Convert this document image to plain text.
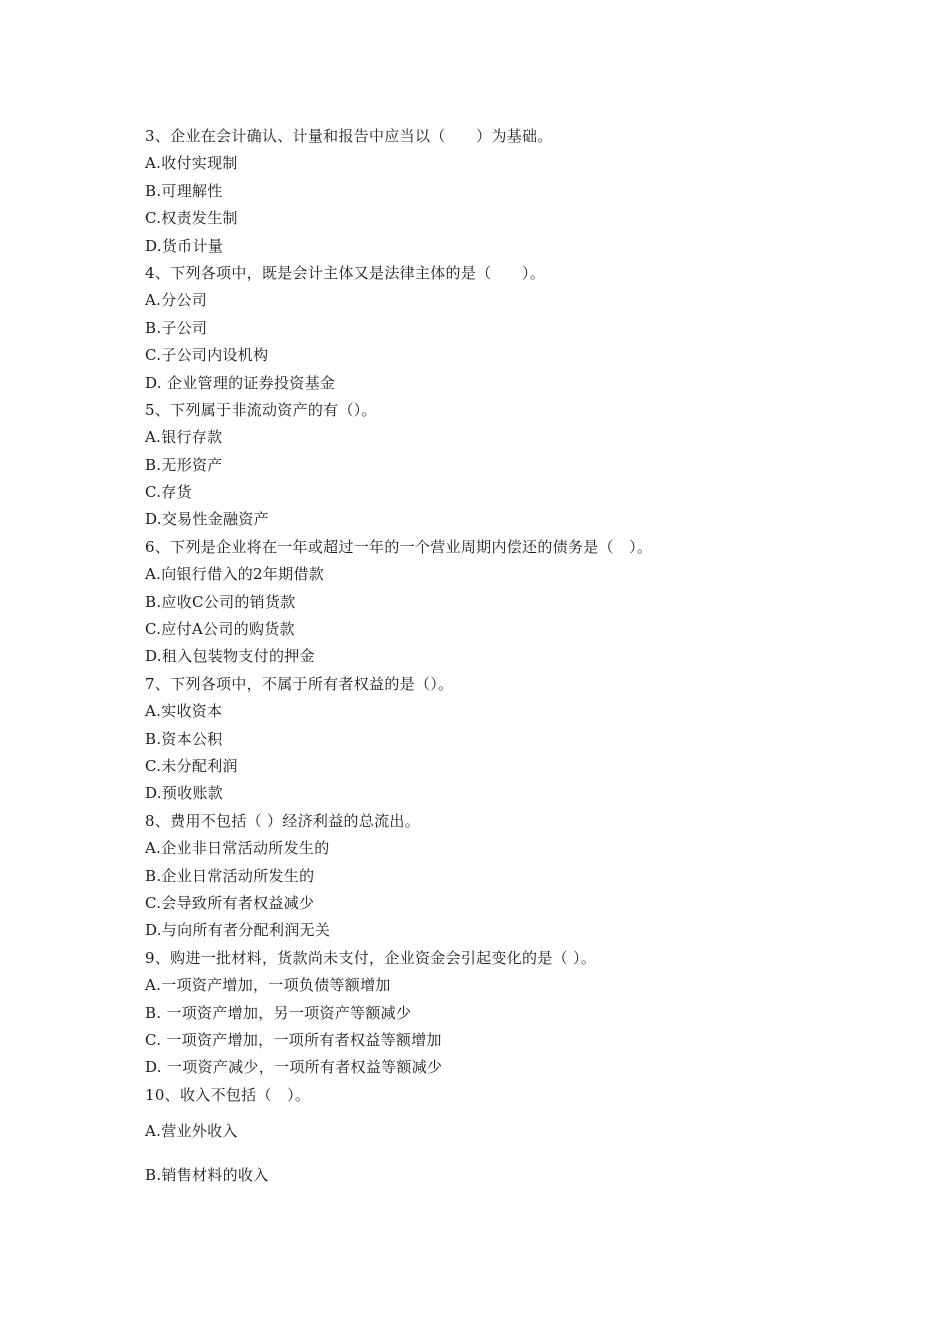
3、企业在会计确认、计量和报告中应当以（　　）为基础。
A.收付实现制
B.可理解性
C.权责发生制
D.货币计量
4、下列各项中，既是会计主体又是法律主体的是（　　）。
A.分公司
B.子公司
C.子公司内设机构
D. 企业管理的证券投资基金
5、下列属于非流动资产的有（）。
A.银行存款
B.无形资产
C.存货
D.交易性金融资产
6、下列是企业将在一年或超过一年的一个营业周期内偿还的债务是（　）。
A.向银行借入的2年期借款
B.应收C公司的销货款
C.应付A公司的购货款
D.租入包装物支付的押金
7、下列各项中，不属于所有者权益的是（）。
A.实收资本
B.资本公积
C.未分配利润
D.预收账款
8、费用不包括（ ）经济利益的总流出。
A.企业非日常活动所发生的
B.企业日常活动所发生的
C.会导致所有者权益减少
D.与向所有者分配利润无关
9、购进一批材料，货款尚未支付，企业资金会引起变化的是（ ）。
A.一项资产增加，一项负债等额增加
B. 一项资产增加，另一项资产等额减少
C. 一项资产增加，一项所有者权益等额增加
D. 一项资产减少，一项所有者权益等额减少
10、收入不包括（　）。
A.营业外收入
B.销售材料的收入
